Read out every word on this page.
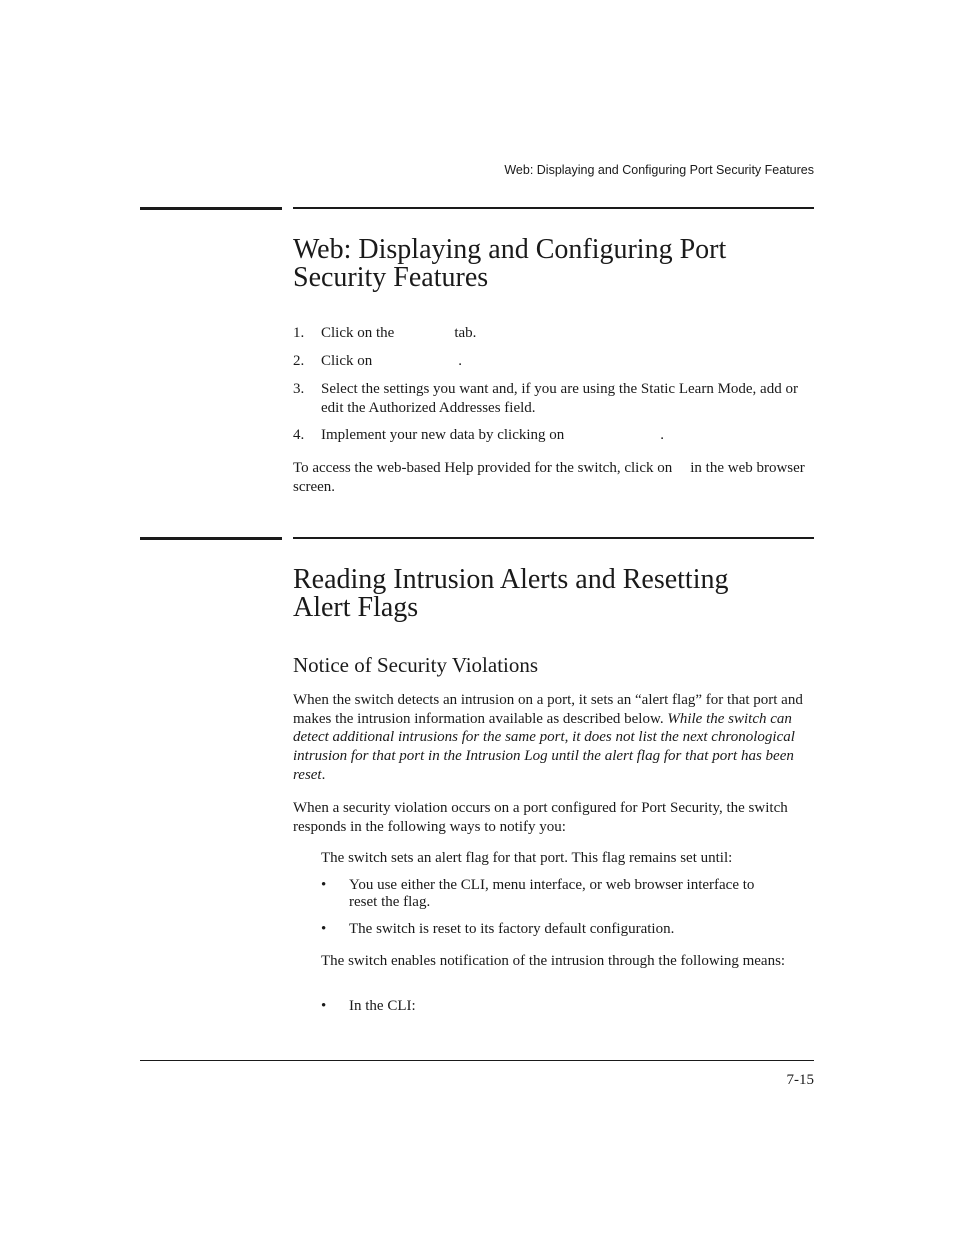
Web: Displaying and Configuring Port Security Features
Web: Displaying and Configuring Port
Security Features
1. Click on the	tab.
2. Click on	.
3. Select the settings you want and, if you are using the Static Learn Mode, add or edit the Authorized Addresses field.
4. Implement your new data by clicking on	.
To access the web-based Help provided for the switch, click on in the web browser screen.
Reading Intrusion Alerts and Resetting
Alert Flags
Notice of Security Violations
When the switch detects an intrusion on a port, it sets an “alert flag” for that port and makes the intrusion information available as described below. While the switch can detect additional intrusions for the same port, it does not list the next chronological intrusion for that port in the Intrusion Log until the alert flag for that port has been reset.
When a security violation occurs on a port configured for Port Security, the switch responds in the following ways to notify you:
The switch sets an alert flag for that port. This flag remains set until:
• You use either the CLI, menu interface, or web browser interface to reset the flag.
• The switch is reset to its factory default configuration.
The switch enables notification of the intrusion through the following means:
• In the CLI:
7-15
